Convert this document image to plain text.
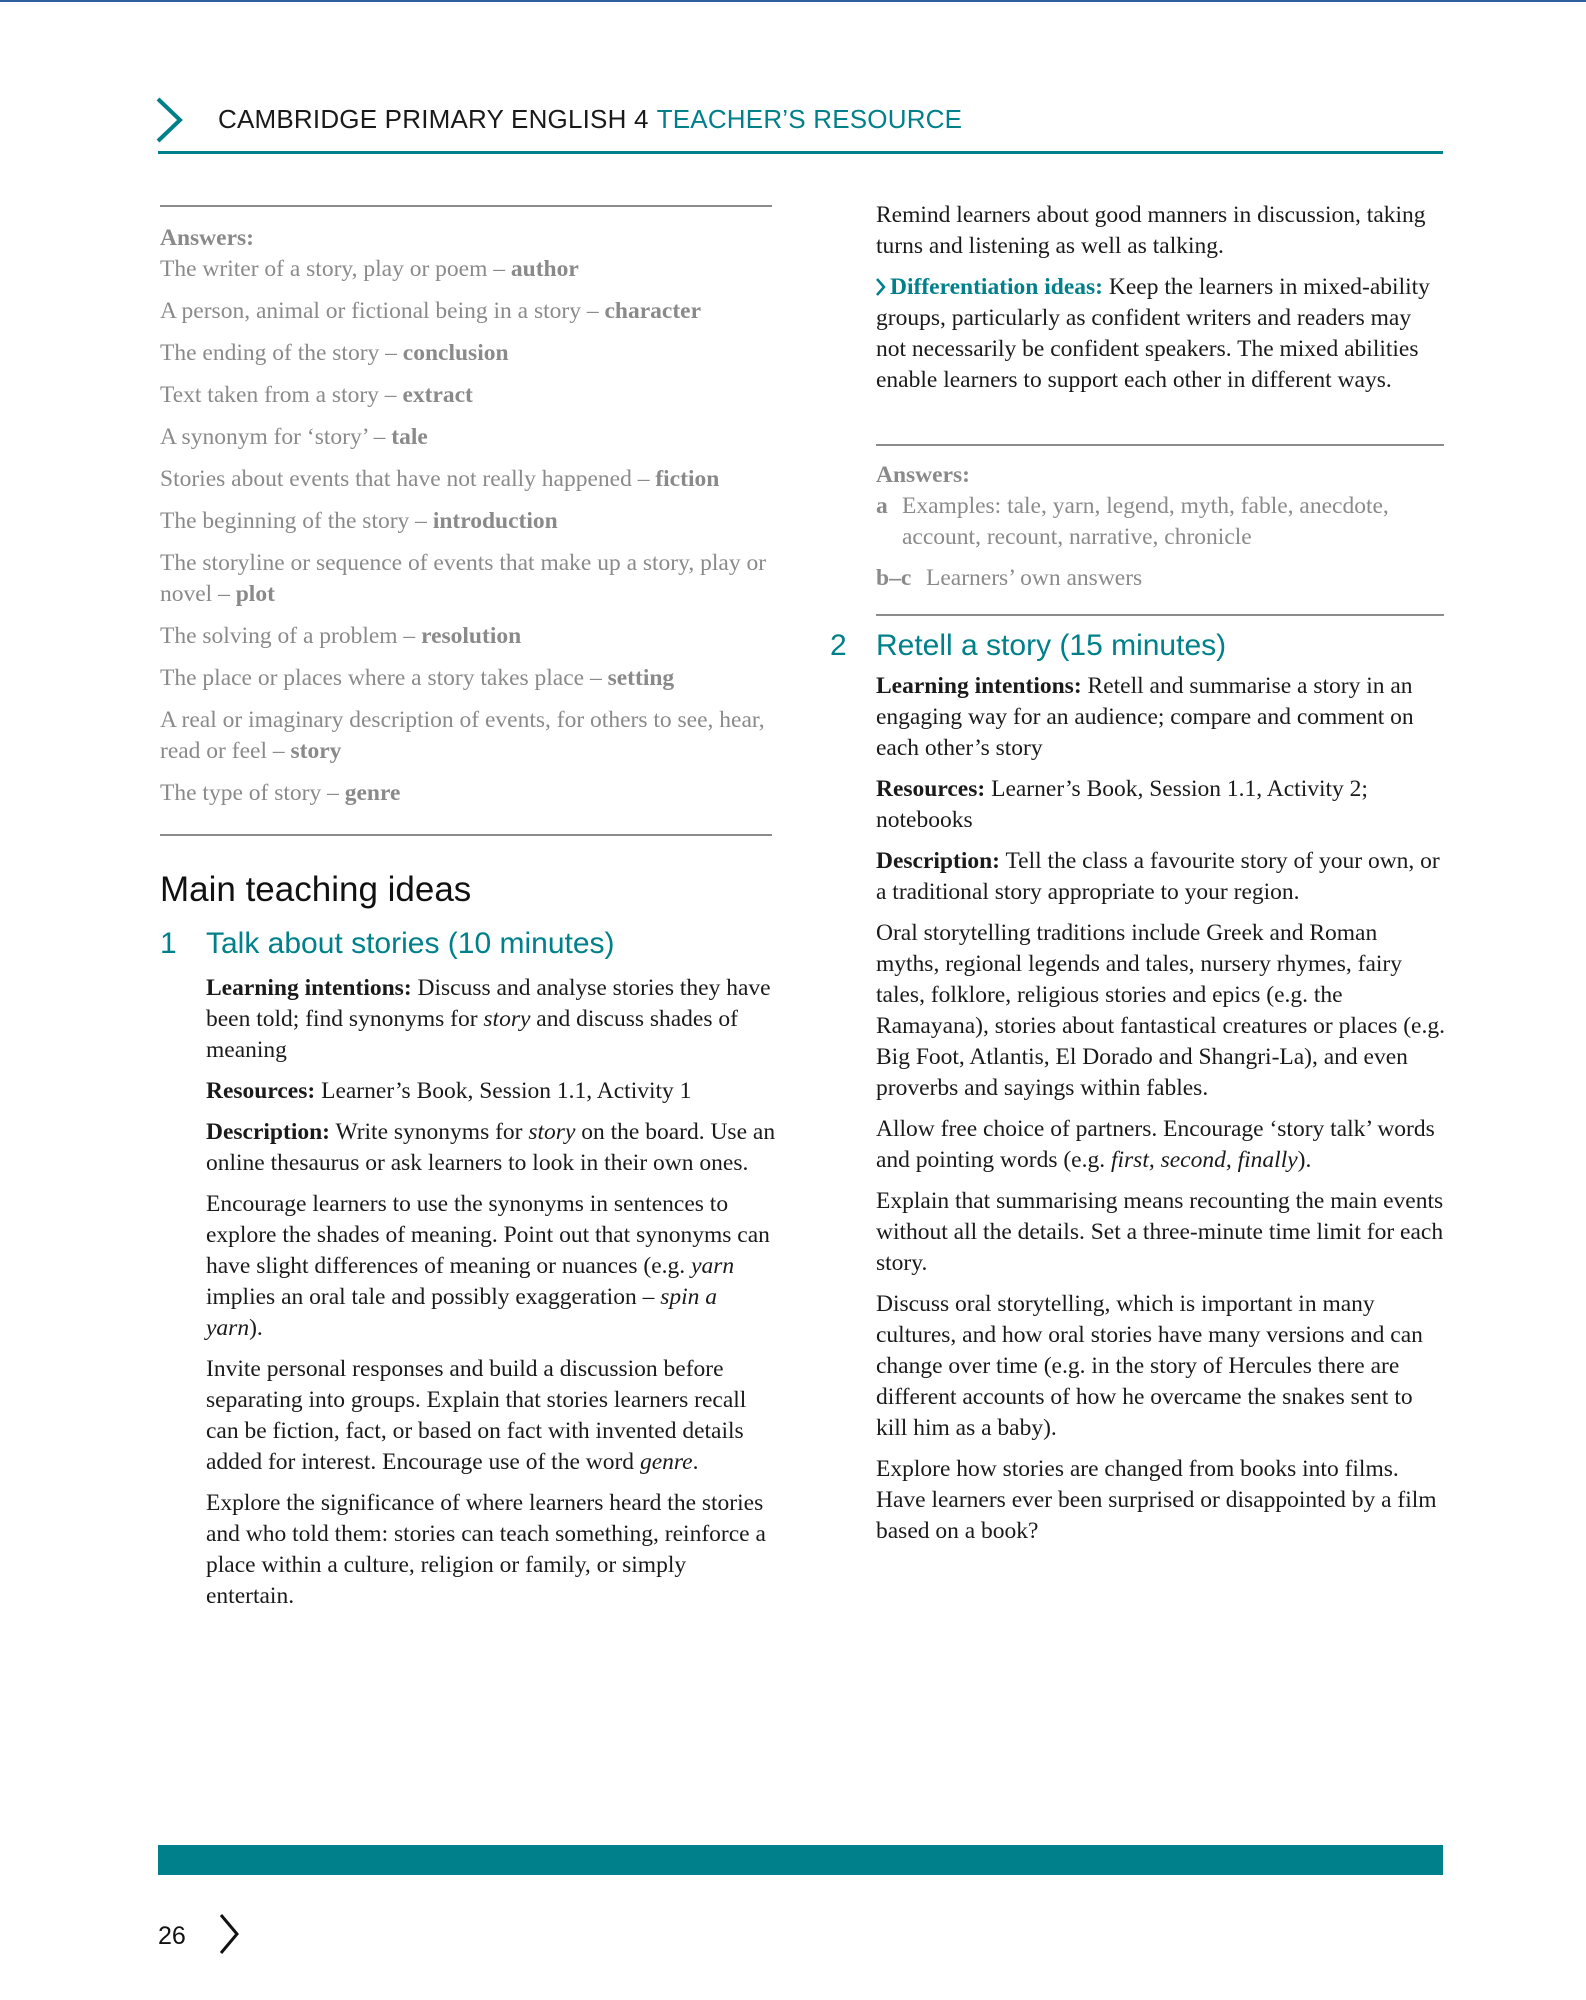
CAMBRIDGE PRIMARY ENGLISH 4 TEACHER’S RESOURCE
Answers:
The writer of a story, play or poem – author
A person, animal or fictional being in a story – character
The ending of the story – conclusion
Text taken from a story – extract
A synonym for ‘story’ – tale
Stories about events that have not really happened – fiction
The beginning of the story – introduction
The storyline or sequence of events that make up a story, play or novel – plot
The solving of a problem – resolution
The place or places where a story takes place – setting
A real or imaginary description of events, for others to see, hear, read or feel – story
The type of story – genre
Main teaching ideas
1 Talk about stories (10 minutes)

Learning intentions: Discuss and analyse stories they have been told; find synonyms for story and discuss shades of meaning

Resources: Learner’s Book, Session 1.1, Activity 1

Description: Write synonyms for story on the board. Use an online thesaurus or ask learners to look in their own ones.

Encourage learners to use the synonyms in sentences to explore the shades of meaning. Point out that synonyms can have slight differences of meaning or nuances (e.g. yarn implies an oral tale and possibly exaggeration – spin a yarn).

Invite personal responses and build a discussion before separating into groups. Explain that stories learners recall can be fiction, fact, or based on fact with invented details added for interest. Encourage use of the word genre.

Explore the significance of where learners heard the stories and who told them: stories can teach something, reinforce a place within a culture, religion or family, or simply entertain.

Remind learners about good manners in discussion, taking turns and listening as well as talking.

Differentiation ideas: Keep the learners in mixed-ability groups, particularly as confident writers and readers may not necessarily be confident speakers. The mixed abilities enable learners to support each other in different ways.

Answers:
a Examples: tale, yarn, legend, myth, fable, anecdote, account, recount, narrative, chronicle
b–c Learners’ own answers
2 Retell a story (15 minutes)

Learning intentions: Retell and summarise a story in an engaging way for an audience; compare and comment on each other’s story

Resources: Learner’s Book, Session 1.1, Activity 2; notebooks

Description: Tell the class a favourite story of your own, or a traditional story appropriate to your region.

Oral storytelling traditions include Greek and Roman myths, regional legends and tales, nursery rhymes, fairy tales, folklore, religious stories and epics (e.g. the Ramayana), stories about fantastical creatures or places (e.g. Big Foot, Atlantis, El Dorado and Shangri-La), and even proverbs and sayings within fables.

Allow free choice of partners. Encourage ‘story talk’ words and pointing words (e.g. first, second, finally).

Explain that summarising means recounting the main events without all the details. Set a three-minute time limit for each story.

Discuss oral storytelling, which is important in many cultures, and how oral stories have many versions and can change over time (e.g. in the story of Hercules there are different accounts of how he overcame the snakes sent to kill him as a baby).

Explore how stories are changed from books into films. Have learners ever been surprised or disappointed by a film based on a book?

26
